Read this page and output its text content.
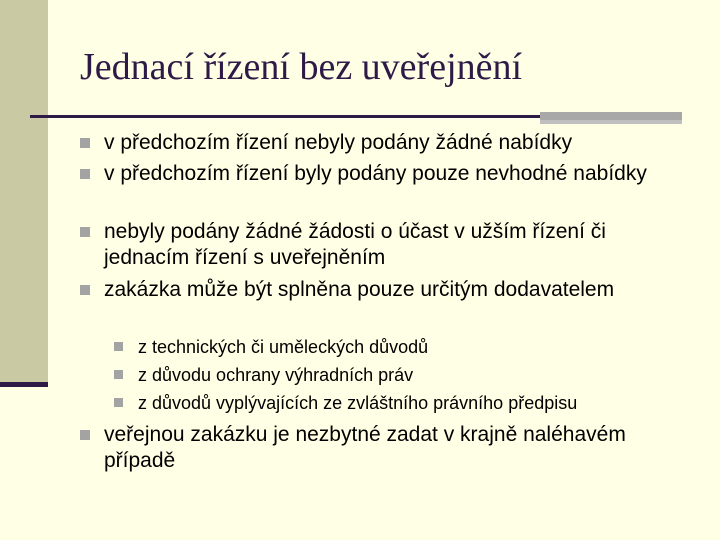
Jednací řízení bez uveřejnění

v předchozím řízení nebyly podány žádné nabídky

v předchozím řízení byly podány pouze nevhodné nabídky

nebyly podány žádné žádosti o účast v užším řízení či jednacím řízení s uveřejněním

zakázka může být splněna pouze určitým dodavatelem

z technických či uměleckých důvodů

z důvodu ochrany výhradních práv

z důvodů vyplývajících ze zvláštního právního předpisu

veřejnou zakázku je nezbytné zadat v krajně naléhavém případě
